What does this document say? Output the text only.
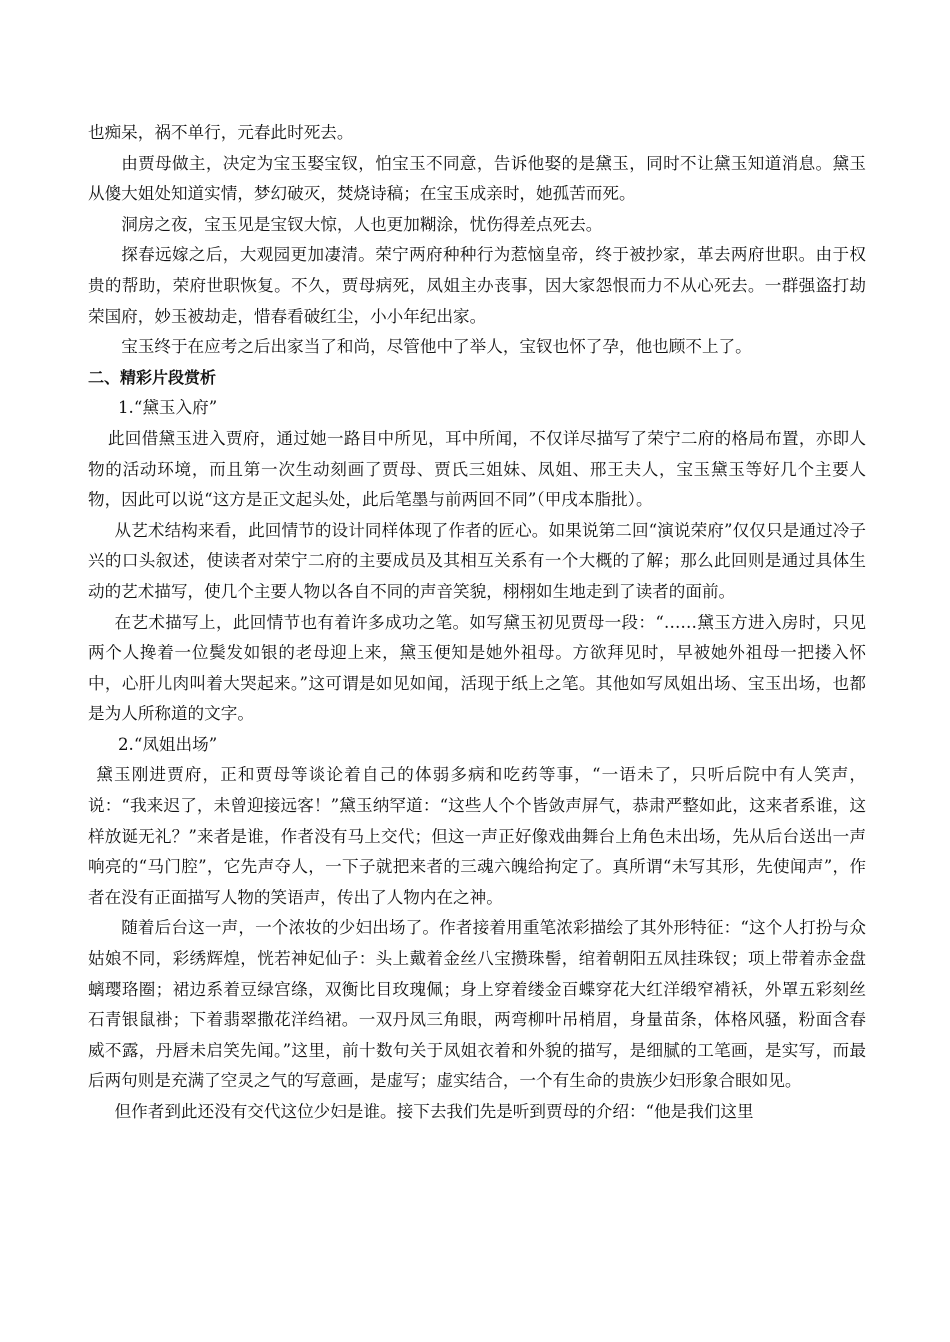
也痴呆，祸不单行，元春此时死去。

由贾母做主，决定为宝玉娶宝钗，怕宝玉不同意，告诉他娶的是黛玉，同时不让黛玉知道消息。黛玉从傻大姐处知道实情，梦幻破灭，焚烧诗稿；在宝玉成亲时，她孤苦而死。

洞房之夜，宝玉见是宝钗大惊，人也更加糊涂，忧伤得差点死去。

探春远嫁之后，大观园更加凄清。荣宁两府种种行为惹恼皇帝，终于被抄家，革去两府世职。由于权贵的帮助，荣府世职恢复。不久，贾母病死，凤姐主办丧事，因大家怨恨而力不从心死去。一群强盗打劫荣国府，妙玉被劫走，惜春看破红尘，小小年纪出家。

宝玉终于在应考之后出家当了和尚，尽管他中了举人，宝钗也怀了孕，他也顾不上了。

二、精彩片段赏析

1.“黛玉入府”

此回借黛玉进入贾府，通过她一路目中所见，耳中所闻，不仅详尽描写了荣宁二府的格局布置，亦即人物的活动环境，而且第一次生动刻画了贾母、贾氏三姐妹、凤姐、邢王夫人，宝玉黛玉等好几个主要人物，因此可以说“这方是正文起头处，此后笔墨与前两回不同”（甲戌本脂批）。

从艺术结构来看，此回情节的设计同样体现了作者的匠心。如果说第二回“演说荣府”仅仅只是通过冷子兴的口头叙述，使读者对荣宁二府的主要成员及其相互关系有一个大概的了解；那么此回则是通过具体生动的艺术描写，使几个主要人物以各自不同的声音笑貌，栩栩如生地走到了读者的面前。

在艺术描写上，此回情节也有着许多成功之笔。如写黛玉初见贾母一段：“……黛玉方进入房时，只见两个人搀着一位鬓发如银的老母迎上来，黛玉便知是她外祖母。方欲拜见时，早被她外祖母一把搂入怀中，心肝儿肉叫着大哭起来。”这可谓是如见如闻，活现于纸上之笔。其他如写凤姐出场、宝玉出场，也都是为人所称道的文字。

2.“凤姐出场”

黛玉刚进贾府，正和贾母等谈论着自己的体弱多病和吃药等事，“一语未了，只听后院中有人笑声，说：“我来迟了，未曾迎接远客！”黛玉纳罕道：“这些人个个皆敛声屏气，恭肃严整如此，这来者系谁，这样放诞无礼？”来者是谁，作者没有马上交代；但这一声正好像戏曲舞台上角色未出场，先从后台送出一声响亮的“马门腔”，它先声夺人，一下子就把来者的三魂六魄给拘定了。真所谓“未写其形，先使闻声”，作者在没有正面描写人物的笑语声，传出了人物内在之神。

随着后台这一声，一个浓妆的少妇出场了。作者接着用重笔浓彩描绘了其外形特征：“这个人打扮与众姑娘不同，彩绣辉煌，恍若神妃仙子：头上戴着金丝八宝攒珠髻，绾着朝阳五凤挂珠钗；项上带着赤金盘螭璎珞圈；裙边系着豆绿宫绦，双衡比目玫瑰佩；身上穿着缕金百蝶穿花大红洋缎窄褙袄，外罩五彩刻丝石青银鼠褂；下着翡翠撒花洋绉裙。一双丹凤三角眼，两弯柳叶吊梢眉，身量苗条，体格风骚，粉面含春威不露，丹唇未启笑先闻。”这里，前十数句关于凤姐衣着和外貌的描写，是细腻的工笔画，是实写，而最后两句则是充满了空灵之气的写意画，是虚写；虚实结合，一个有生命的贵族少妇形象合眼如见。

但作者到此还没有交代这位少妇是谁。接下去我们先是听到贾母的介绍：“他是我们这里
